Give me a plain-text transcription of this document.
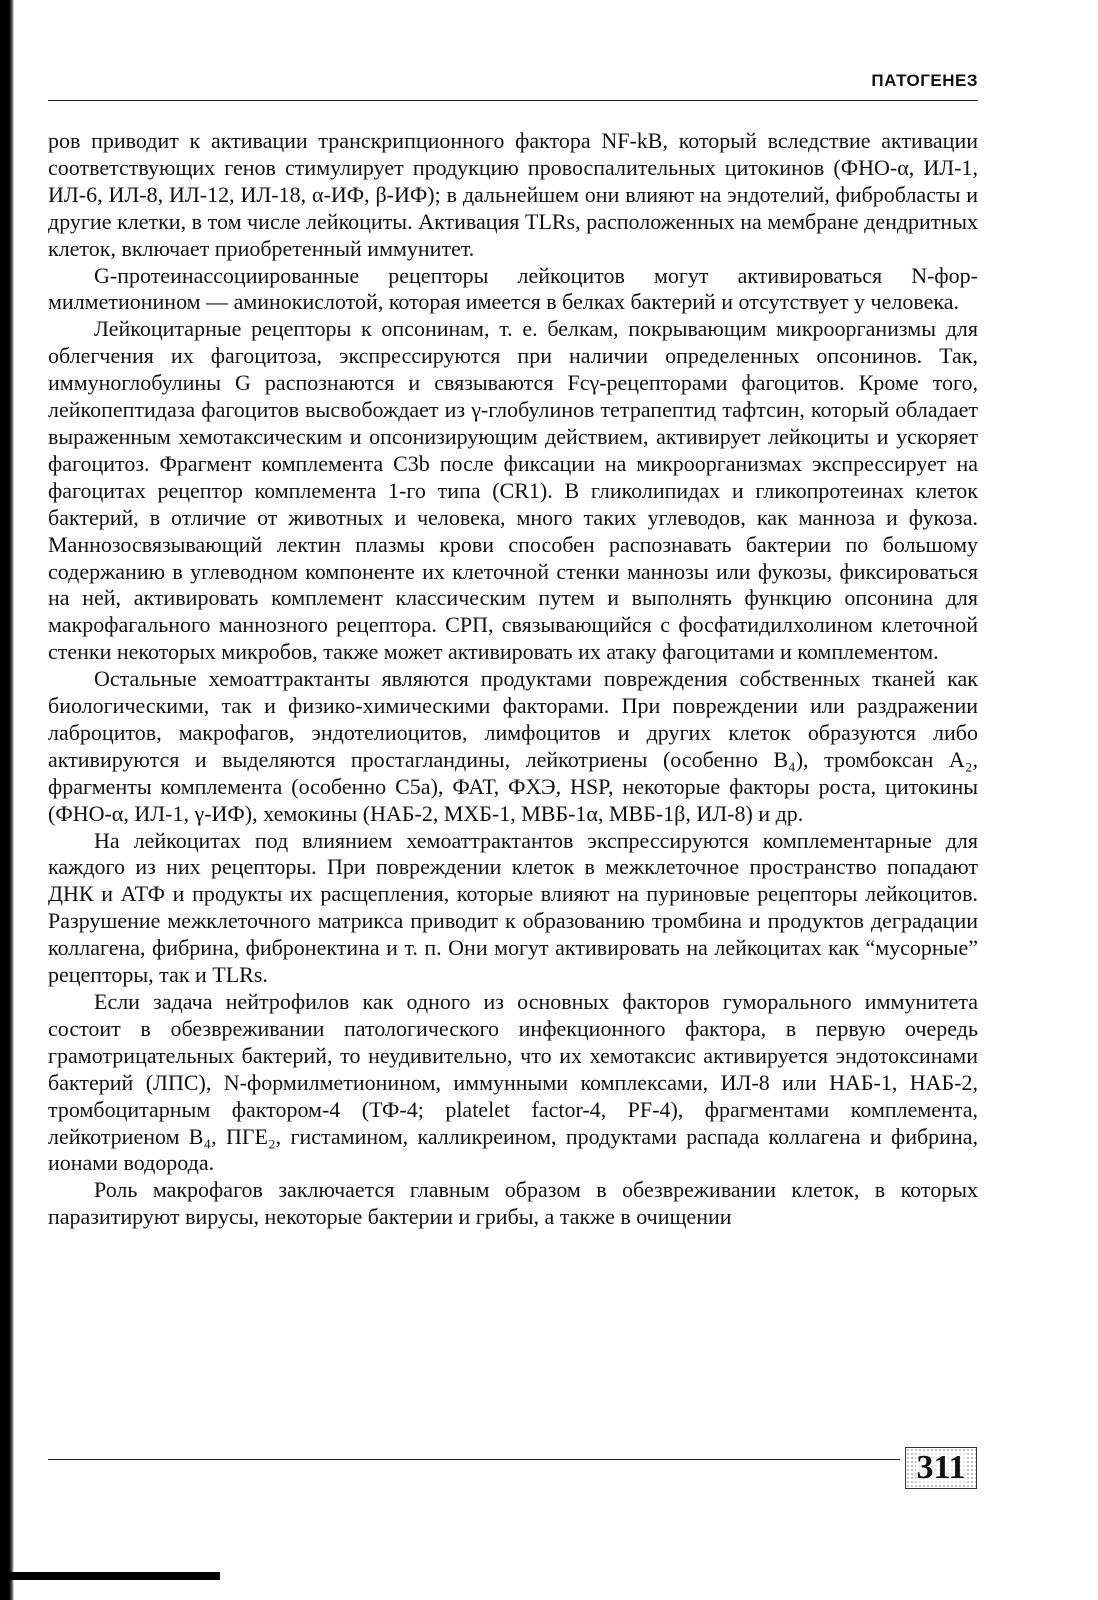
ПАТОГЕНЕЗ

ров приводит к активации транскрипционного фактора NF-kB, который вследствие активации соответствующих генов стимулирует продукцию провоспалительных цитокинов (ФНО-α, ИЛ-1, ИЛ-6, ИЛ-8, ИЛ-12, ИЛ-18, α-ИФ, β-ИФ); в дальнейшем они влияют на эндотелий, фибробласты и другие клетки, в том числе лейкоциты. Активация TLRs, расположенных на мембране дендритных клеток, включает приобретенный иммунитет.

G-протеинассоциированные рецепторы лейкоцитов могут активироваться N-формилметионином — аминокислотой, которая имеется в белках бактерий и отсутствует у человека.

Лейкоцитарные рецепторы к опсонинам, т. е. белкам, покрывающим микроорганизмы для облегчения их фагоцитоза, экспрессируются при наличии определенных опсонинов. Так, иммуноглобулины G распознаются и связываются Fcγ-рецепторами фагоцитов. Кроме того, лейкопептидаза фагоцитов высвобождает из γ-глобулинов тетрапептид тафтсин, который обладает выраженным хемотаксическим и опсонизирующим действием, активирует лейкоциты и ускоряет фагоцитоз. Фрагмент комплемента C3b после фиксации на микроорганизмах экспрессирует на фагоцитах рецептор комплемента 1-го типа (CR1). В гликолипидах и гликопротеинах клеток бактерий, в отличие от животных и человека, много таких углеводов, как манноза и фукоза. Маннозосвязывающий лектин плазмы крови способен распознавать бактерии по большому содержанию в углеводном компоненте их клеточной стенки маннозы или фукозы, фиксироваться на ней, активировать комплемент классическим путем и выполнять функцию опсонина для макрофагального маннозного рецептора. СРП, связывающийся с фосфатидилхолином клеточной стенки некоторых микробов, также может активировать их атаку фагоцитами и комплементом.

Остальные хемоаттрактанты являются продуктами повреждения собственных тканей как биологическими, так и физико-химическими факторами. При повреждении или раздражении лаброцитов, макрофагов, эндотелиоцитов, лимфоцитов и других клеток образуются либо активируются и выделяются простагландины, лейкотриены (особенно B₄), тромбоксан A₂, фрагменты комплемента (особенно C5a), ФАТ, ФХЭ, HSP, некоторые факторы роста, цитокины (ФНО-α, ИЛ-1, γ-ИФ), хемокины (НАБ-2, МХБ-1, МВБ-1α, МВБ-1β, ИЛ-8) и др.

На лейкоцитах под влиянием хемоаттрактантов экспрессируются комплементарные для каждого из них рецепторы. При повреждении клеток в межклеточное пространство попадают ДНК и АТФ и продукты их расщепления, которые влияют на пуриновые рецепторы лейкоцитов. Разрушение межклеточного матрикса приводит к образованию тромбина и продуктов деградации коллагена, фибрина, фибронектина и т. п. Они могут активировать на лейкоцитах как “мусорные” рецепторы, так и TLRs.

Если задача нейтрофилов как одного из основных факторов гуморального иммунитета состоит в обезвреживании патологического инфекционного фактора, в первую очередь грамотрицательных бактерий, то неудивительно, что их хемотаксис активируется эндотоксинами бактерий (ЛПС), N-формилметионином, иммунными комплексами, ИЛ-8 или НАБ-1, НАБ-2, тромбоцитарным фактором-4 (ТФ-4; platelet factor-4, PF-4), фрагментами комплемента, лейкотриеном B₄, ПГЕ₂, гистамином, калликреином, продуктами распада коллагена и фибрина, ионами водорода.

Роль макрофагов заключается главным образом в обезвреживании клеток, в которых паразитируют вирусы, некоторые бактерии и грибы, а также в очищении

311
